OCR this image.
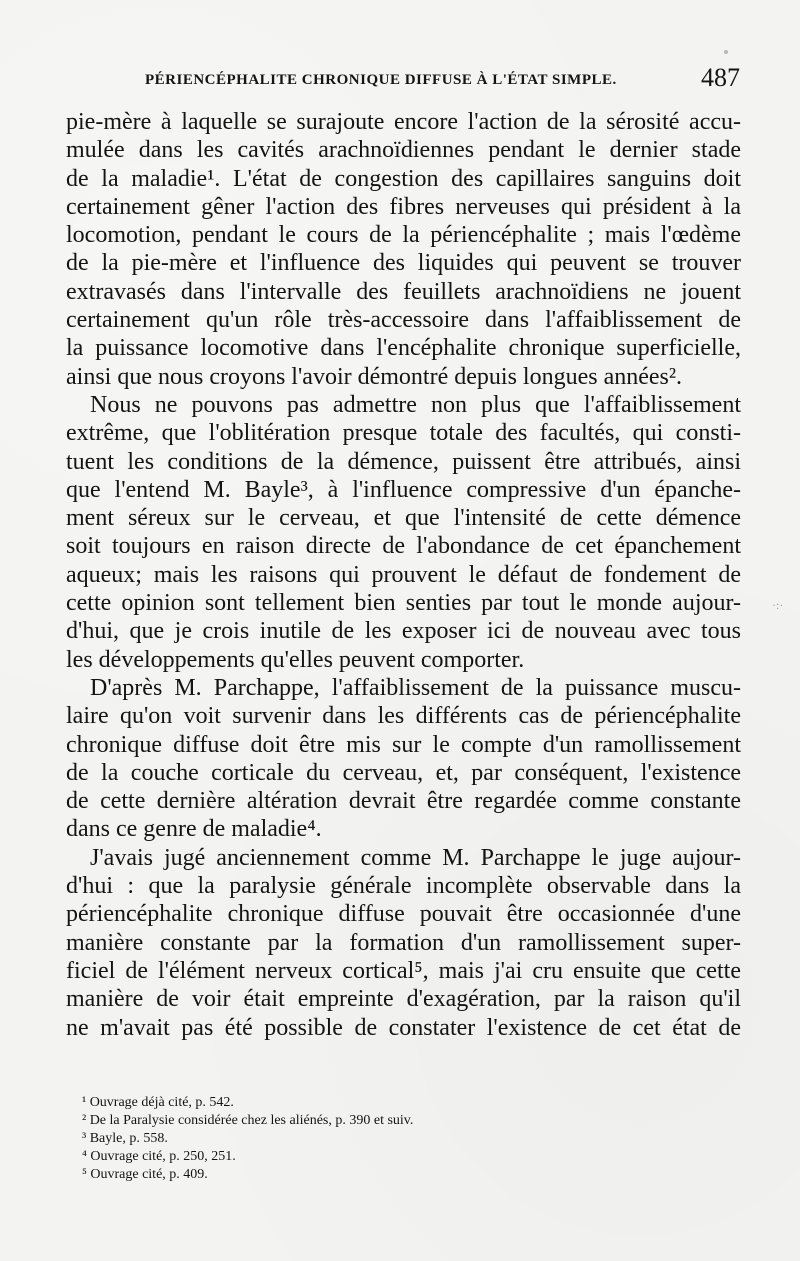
PÉRIENCÉPHALITE CHRONIQUE DIFFUSE À L'ÉTAT SIMPLE.	487
pie-mère à laquelle se surajoute encore l'action de la sérosité accu-
mulée dans les cavités arachnoïdiennes pendant le dernier stade
de la maladie¹. L'état de congestion des capillaires sanguins doit
certainement gêner l'action des fibres nerveuses qui président à la
locomotion, pendant le cours de la périencéphalite ; mais l'œdème
de la pie-mère et l'influence des liquides qui peuvent se trouver
extravasés dans l'intervalle des feuillets arachnoïdiens ne jouent
certainement qu'un rôle très-accessoire dans l'affaiblissement de
la puissance locomotive dans l'encéphalite chronique superficielle,
ainsi que nous croyons l'avoir démontré depuis longues années².
Nous ne pouvons pas admettre non plus que l'affaiblissement
extrême, que l'oblitération presque totale des facultés, qui consti-
tuent les conditions de la démence, puissent être attribués, ainsi
que l'entend M. Bayle³, à l'influence compressive d'un épanche-
ment séreux sur le cerveau, et que l'intensité de cette démence
soit toujours en raison directe de l'abondance de cet épanchement
aqueux; mais les raisons qui prouvent le défaut de fondement de
cette opinion sont tellement bien senties par tout le monde aujour-
d'hui, que je crois inutile de les exposer ici de nouveau avec tous
les développements qu'elles peuvent comporter.
D'après M. Parchappe, l'affaiblissement de la puissance muscu-
laire qu'on voit survenir dans les différents cas de périencéphalite
chronique diffuse doit être mis sur le compte d'un ramollissement
de la couche corticale du cerveau, et, par conséquent, l'existence
de cette dernière altération devrait être regardée comme constante
dans ce genre de maladie⁴.
J'avais jugé anciennement comme M. Parchappe le juge aujour-
d'hui : que la paralysie générale incomplète observable dans la
périencéphalite chronique diffuse pouvait être occasionnée d'une
manière constante par la formation d'un ramollissement super-
ficiel de l'élément nerveux cortical⁵, mais j'ai cru ensuite que cette
manière de voir était empreinte d'exagération, par la raison qu'il
ne m'avait pas été possible de constater l'existence de cet état de
¹ Ouvrage déjà cité, p. 542.
² De la Paralysie considérée chez les aliénés, p. 390 et suiv.
³ Bayle, p. 558.
⁴ Ouvrage cité, p. 250, 251.
⁵ Ouvrage cité, p. 409.
·:·
